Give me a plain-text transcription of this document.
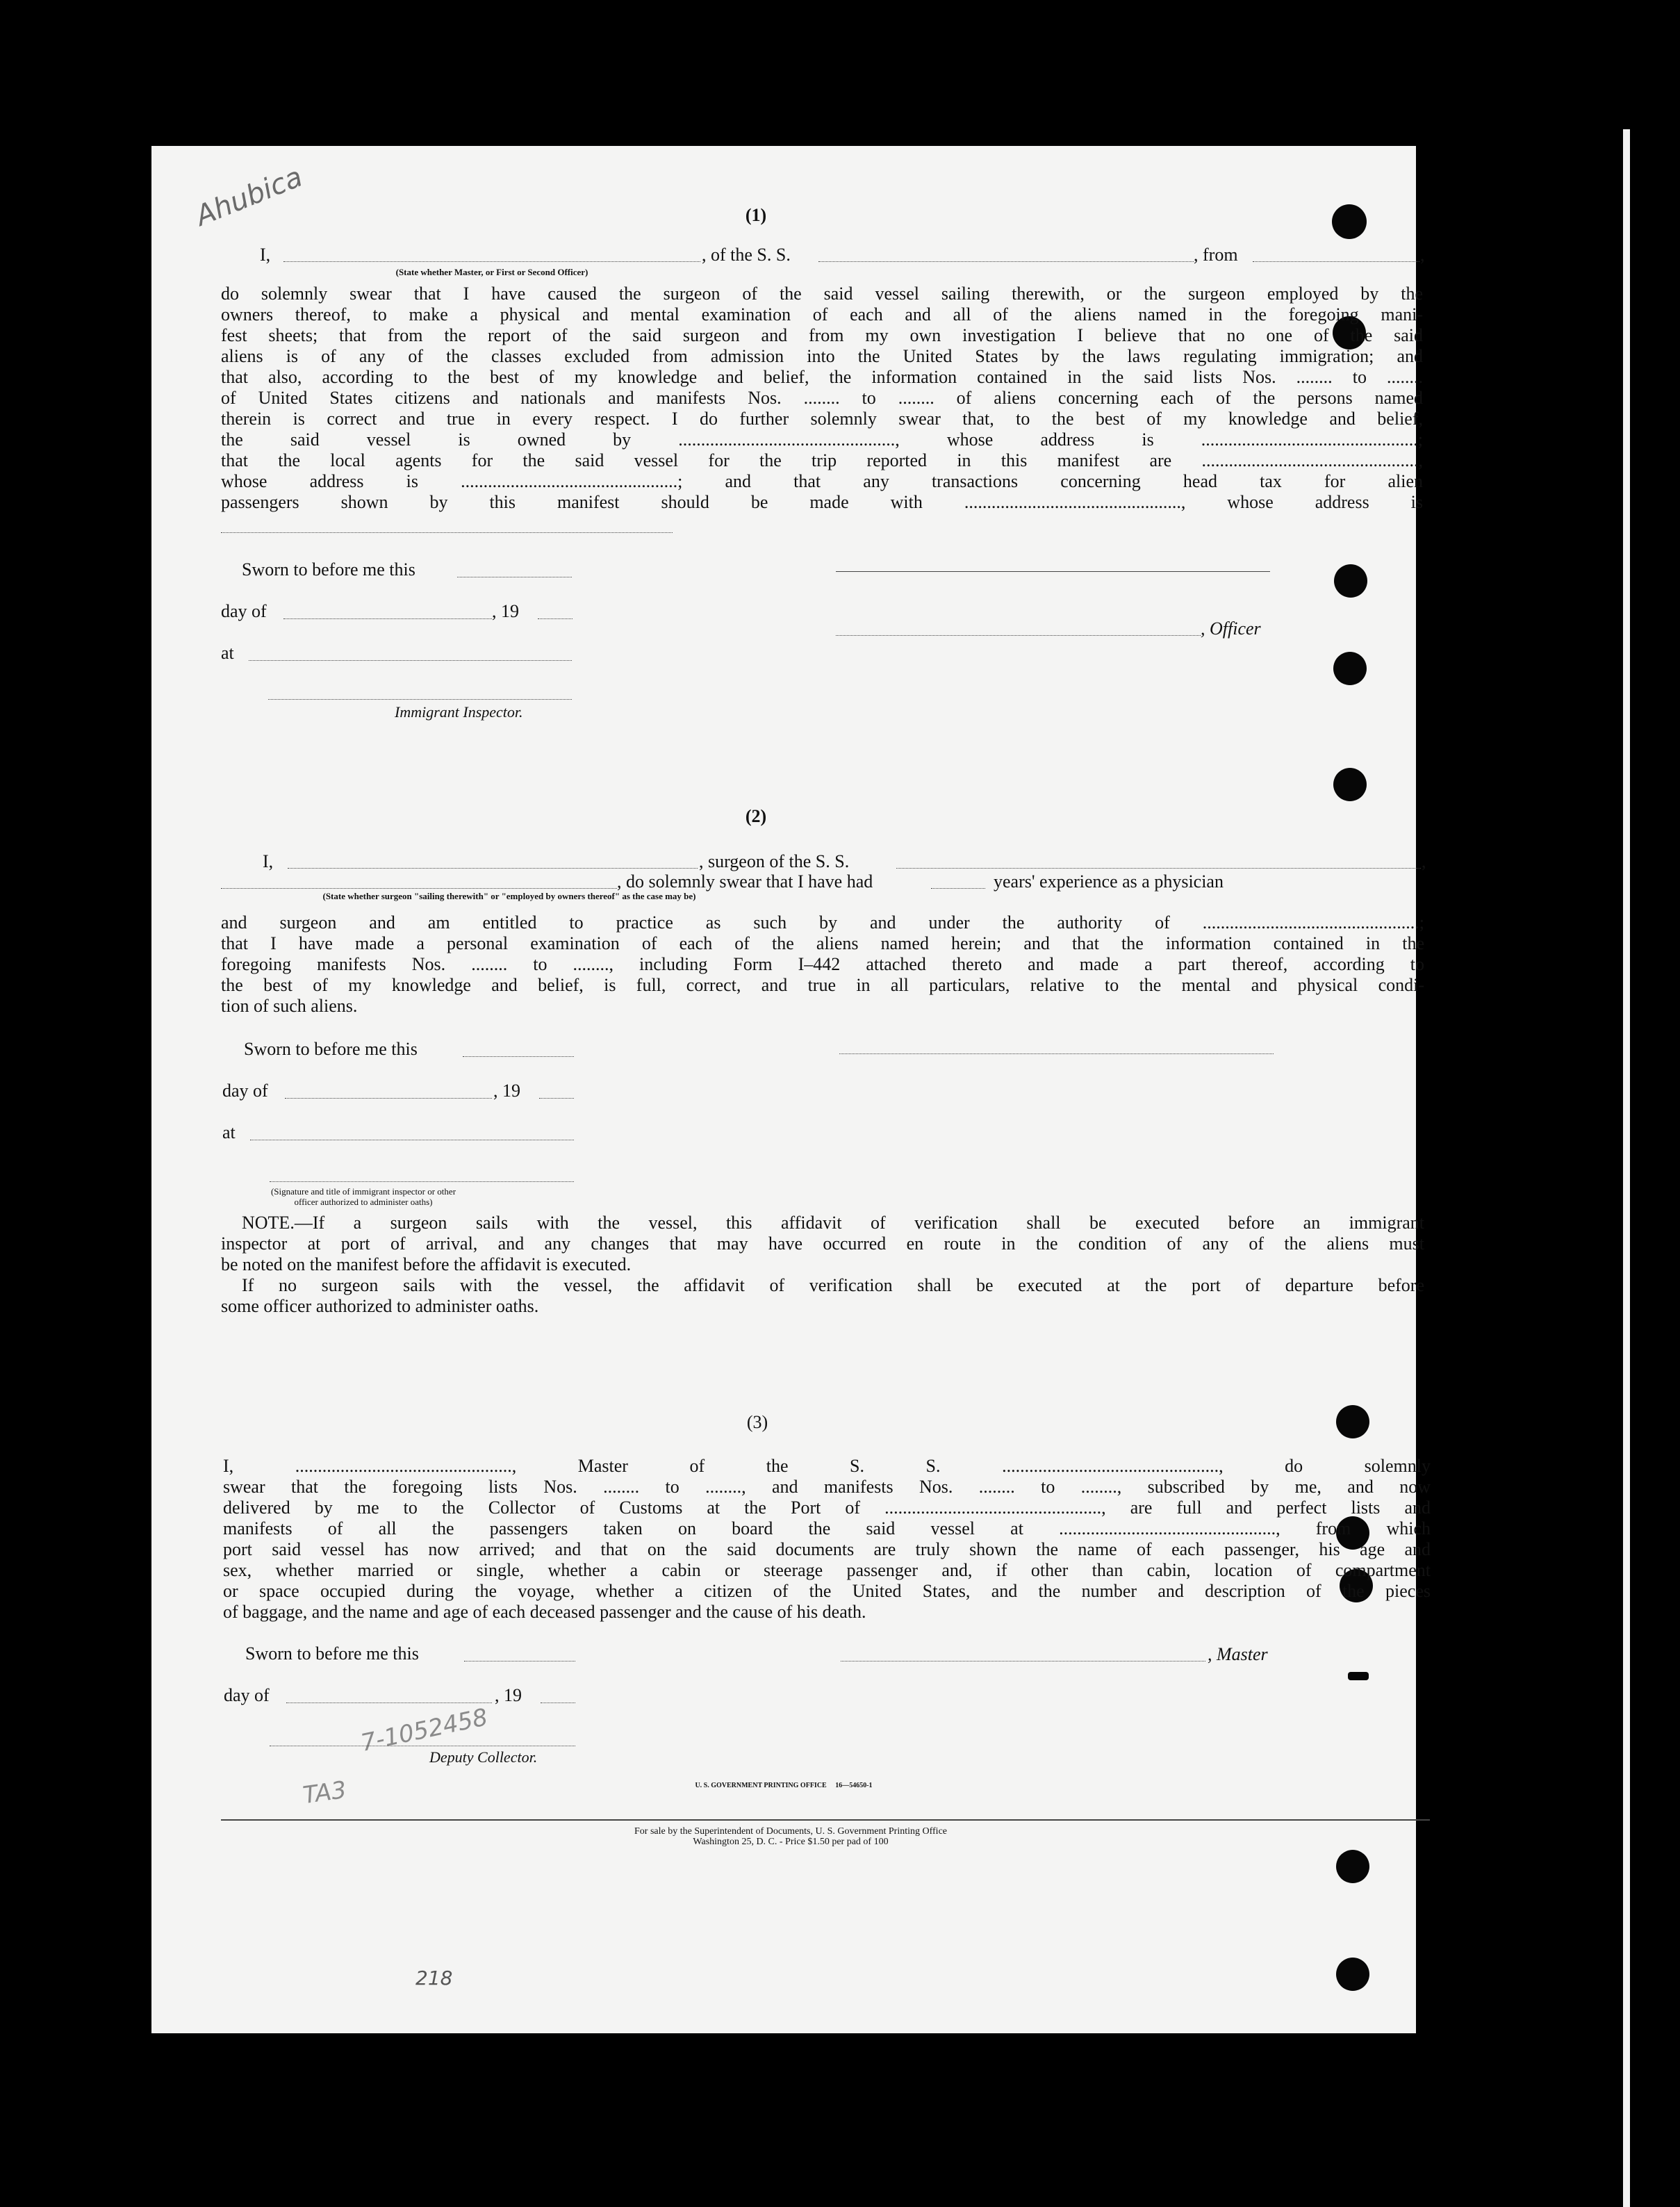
Ahubica
7-1052458
TA3
218
(1)
I,	, of the S. S.	, from	,
(State whether Master, or First or Second Officer)
do solemnly swear that I have caused the surgeon of the said vessel sailing therewith, or the surgeon employed by the
owners thereof, to make a physical and mental examination of each and all of the aliens named in the foregoing mani-
fest sheets; that from the report of the said surgeon and from my own investigation I believe that no one of the said
aliens is of any of the classes excluded from admission into the United States by the laws regulating immigration; and
that also, according to the best of my knowledge and belief, the information contained in the said lists Nos. ........ to ........
of United States citizens and nationals and manifests Nos. ........ to ........ of aliens concerning each of the persons named
therein is correct and true in every respect. I do further solemnly swear that, to the best of my knowledge and belief,
the said vessel is owned by ................................................, whose address is ................................................;
that the local agents for the said vessel for the trip reported in this manifest are ................................................,
whose address is ................................................; and that any transactions concerning head tax for alien
passengers shown by this manifest should be made with ................................................, whose address is
Sworn to before me this
day of	, 19
, Officer
at
Immigrant Inspector.
(2)
I,	, surgeon of the S. S.	,
, do solemnly swear that I have had	years' experience as a physician
(State whether surgeon "sailing therewith" or "employed by owners thereof" as the case may be)
and surgeon and am entitled to practice as such by and under the authority of ................................................;
that I have made a personal examination of each of the aliens named herein; and that the information contained in the
foregoing manifests Nos. ........ to ........, including Form I–442 attached thereto and made a part thereof, according to
the best of my knowledge and belief, is full, correct, and true in all particulars, relative to the mental and physical condi-
tion of such aliens.
Sworn to before me this
day of	, 19
at
(Signature and title of immigrant inspector or other officer authorized to administer oaths)
NOTE.—If a surgeon sails with the vessel, this affidavit of verification shall be executed before an immigrant
inspector at port of arrival, and any changes that may have occurred en route in the condition of any of the aliens must
be noted on the manifest before the affidavit is executed.
If no surgeon sails with the vessel, the affidavit of verification shall be executed at the port of departure before
some officer authorized to administer oaths.
(3)
I, ................................................, Master of the S. S. ................................................, do solemnly
swear that the foregoing lists Nos. ........ to ........, and manifests Nos. ........ to ........, subscribed by me, and now
delivered by me to the Collector of Customs at the Port of ................................................, are full and perfect lists and
manifests of all the passengers taken on board the said vessel at ................................................, from which
port said vessel has now arrived; and that on the said documents are truly shown the name of each passenger, his age and
sex, whether married or single, whether a cabin or steerage passenger and, if other than cabin, location of compartment
or space occupied during the voyage, whether a citizen of the United States, and the number and description of the pieces
of baggage, and the name and age of each deceased passenger and the cause of his death.
Sworn to before me this	, Master
day of	, 19
Deputy Collector.
U. S. GOVERNMENT PRINTING OFFICE     16—54650-1
For sale by the Superintendent of Documents, U. S. Government Printing Office
Washington 25, D. C. - Price $1.50 per pad of 100
